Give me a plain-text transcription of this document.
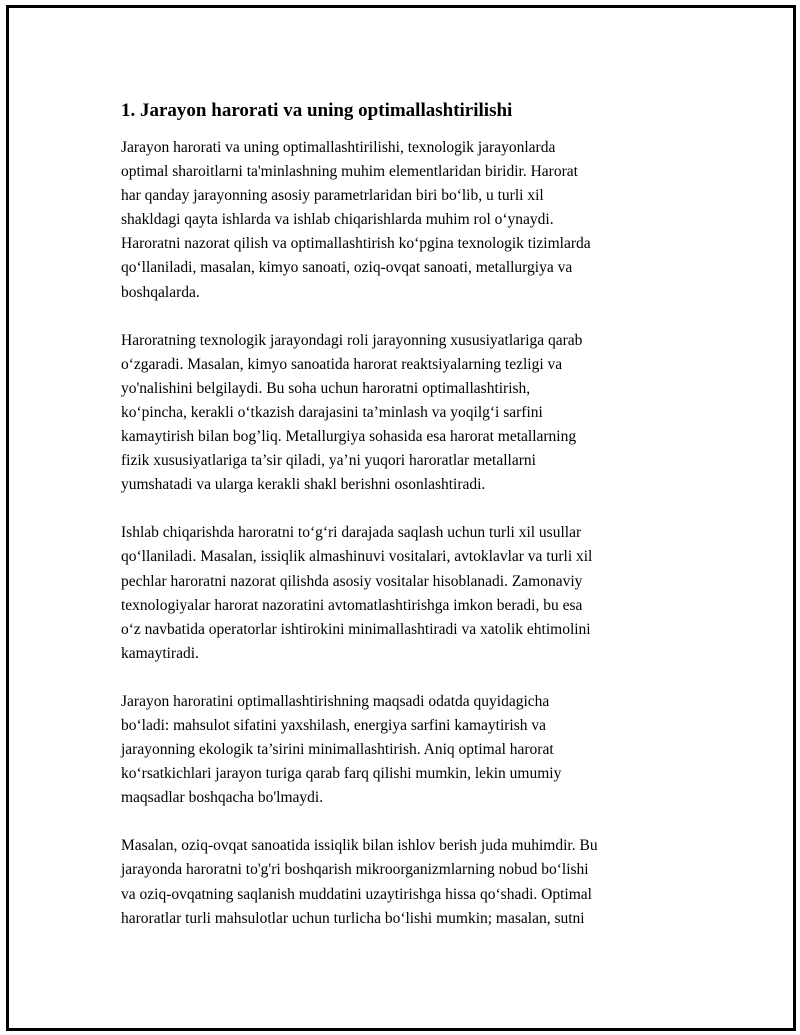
1. Jarayon harorati va uning optimallashtirilishi
Jarayon harorati va uning optimallashtirilishi, texnologik jarayonlarda
optimal sharoitlarni ta'minlashning muhim elementlaridan biridir. Harorat
har qanday jarayonning asosiy parametrlaridan biri bo‘lib, u turli xil
shakldagi qayta ishlarda va ishlab chiqarishlarda muhim rol o‘ynaydi.
Haroratni nazorat qilish va optimallashtirish ko‘pgina texnologik tizimlarda
qo‘llaniladi, masalan, kimyo sanoati, oziq-ovqat sanoati, metallurgiya va
boshqalarda.
Haroratning texnologik jarayondagi roli jarayonning xususiyatlariga qarab
o‘zgaradi. Masalan, kimyo sanoatida harorat reaktsiyalarning tezligi va
yo'nalishini belgilaydi. Bu soha uchun haroratni optimallashtirish,
ko‘pincha, kerakli o‘tkazish darajasini ta’minlash va yoqilg‘i sarfini
kamaytirish bilan bog’liq. Metallurgiya sohasida esa harorat metallarning
fizik xususiyatlariga ta’sir qiladi, ya’ni yuqori haroratlar metallarni
yumshatadi va ularga kerakli shakl berishni osonlashtiradi.
Ishlab chiqarishda haroratni to‘g‘ri darajada saqlash uchun turli xil usullar
qo‘llaniladi. Masalan, issiqlik almashinuvi vositalari, avtoklavlar va turli xil
pechlar haroratni nazorat qilishda asosiy vositalar hisoblanadi. Zamonaviy
texnologiyalar harorat nazoratini avtomatlashtirishga imkon beradi, bu esa
o‘z navbatida operatorlar ishtirokini minimallashtiradi va xatolik ehtimolini
kamaytiradi.
Jarayon haroratini optimallashtirishning maqsadi odatda quyidagicha
bo‘ladi: mahsulot sifatini yaxshilash, energiya sarfini kamaytirish va
jarayonning ekologik ta’sirini minimallashtirish. Aniq optimal harorat
ko‘rsatkichlari jarayon turiga qarab farq qilishi mumkin, lekin umumiy
maqsadlar boshqacha bo'lmaydi.
Masalan, oziq-ovqat sanoatida issiqlik bilan ishlov berish juda muhimdir. Bu
jarayonda haroratni to'g'ri boshqarish mikroorganizmlarning nobud bo‘lishi
va oziq-ovqatning saqlanish muddatini uzaytirishga hissa qo‘shadi. Optimal
haroratlar turli mahsulotlar uchun turlicha bo‘lishi mumkin; masalan, sutni
